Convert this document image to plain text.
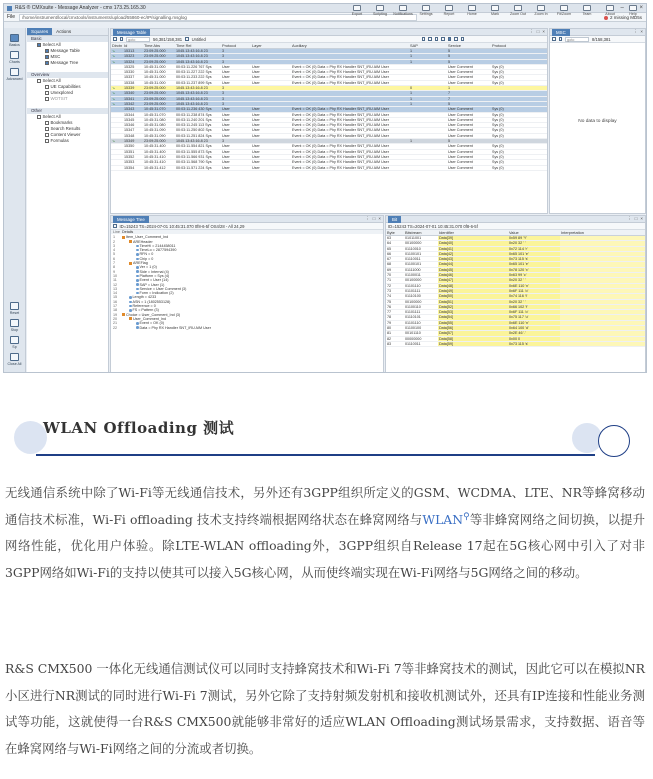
R&S ® CMXsuite - Message Analyzer - cmx 173.25.165.30	–	×
File	/home/instrument/local/cmxtools/instruments/upload/55860-ec/IP/signalling.msglog
Export	Scripting Notifications Settings	Report	Home	Mark	Zoom Out Zoom In	Fit/Zoom	Team	About	Help
2 missing MD5s
Basics
Charts
Advanced
Reset
Stop
Sp
Close All
Squares Actions
Basic
Select All
Message Table
MSC
Message Tree
Overview
Select All
UE Capabilities
Unexplored
WOTSIT
Other
Select All
Bookmarks
Search Results
Content Viewer
Formulas
Message Table	⋮ □ ×
goto	56,381/158,381 Untitled
Dirctn	Id	Time Abs	Time Rel	Protocol	Layer	Auxiliary	SAP	Service	Protocol
↘	15313	23:09:25.000	1045.13:43:16.8 23	3			1	5	
↘	15323	23:09:25.000	1045.13:43:16.8 23	3			1	5	
↘	15324	23:09:25.000	1045.13:43:16.8 23	3			1	5	
	15325	10:45:31.000	00:03:11.226 767 Sys	User	User	Event = OK (0) Data = Phy RX Handler SNT_IRU AIM User		User Comment	Sys (0)
	15330	10:45:31.000	00:03:11.227 222 Sys	User	User	Event = OK (0) Data = Phy RX Handler SNT_IRU AIM User		User Comment	Sys (0)
	15337	10:45:31.000	00:03:11.233 222 Sys	User	User	Event = OK (0) Data = Phy RX Handler SNT_IRU AIM User		User Comment	Sys (0)
	15338	10:45:31.000	00:03:11.237 899 Sys	User	User	Event = OK (0) Data = Phy RX Handler SNT_IRU AIM User		User Comment	Sys (0)
↘	15339	23:09:25.000	1045.13:43:16.8 23	3			0	1	
↘	15340	23:09:25.000	1045.13:43:16.8 23	3			1	7	
↘	15341	23:09:25.000	1045.13:43:16.8 23	3			1	7	
↘	15342	23:09:25.000	1045.13:43:16.8 23	3			1	5	
	15343	10:45:31.070	00:03:11.236 430 Sys	User	User	Event = OK (0) Data = Phy RX Handler SNT_IRU AIM User		User Comment	Sys (0)
	15344	10:45:31.070	00:03:11.238 874 Sys	User	User	Event = OK (0) Data = Phy RX Handler SNT_IRU AIM User		User Comment	Sys (0)
	15345	10:45:31.080	00:03:11.240 201 Sys	User	User	Event = OK (0) Data = Phy RX Handler SNT_IRU AIM User		User Comment	Sys (0)
	15346	10:45:31.080	00:03:11.245 113 Sys	User	User	Event = OK (0) Data = Phy RX Handler SNT_IRU AIM User		User Comment	Sys (0)
	15347	10:45:31.090	00:03:11.250 802 Sys	User	User	Event = OK (0) Data = Phy RX Handler SNT_IRU AIM User		User Comment	Sys (0)
	15348	10:45:31.090	00:03:11.251 824 Sys	User	User	Event = OK (0) Data = Phy RX Handler SNT_IRU AIM User		User Comment	Sys (0)
↘	15349	23:09:25.000	1045.13:43:16.8 23	3			1	5	
	15350	10:45:31.400	00:03:11.554 821 Sys	User	User	Event = OK (0) Data = Phy RX Handler SNT_IRU AIM User		User Comment	Sys (0)
	15351	10:45:31.400	00:03:11.555 873 Sys	User	User	Event = OK (0) Data = Phy RX Handler SNT_IRU AIM User		User Comment	Sys (0)
	15352	10:45:31.410	00:03:11.566 931 Sys	User	User	Event = OK (0) Data = Phy RX Handler SNT_IRU AIM User		User Comment	Sys (0)
	15353	10:45:31.410	00:03:11.568 790 Sys	User	User	Event = OK (0) Data = Phy RX Handler SNT_IRU AIM User		User Comment	Sys (0)
	15354	10:45:31.412	00:03:11.571 224 Sys	User	User	Event = OK (0) Data = Phy RX Handler SNT_IRU AIM User		User Comment	Sys (0)
MSC	⋮ ×
goto	8/158,381
No data to display
Message Tree	⋮ □ ×
ID=15243 TS=2024-07-01 10:45:31.070 0f8-6-5f OS4/28 - All 24,29
Line Details
1	Item_User_Comment_Ind
2	AREHeader
3	TimeHi = 2144458011
4	TimeLo = 2877594390
5	RFN = 0
6	Chip = 0
7	AREFlag
8	Ver = 1 (0)
9	Side = Internal (4)
10	Platform = Sys (4)
11	Event = User (14)
12	SAP = User (1)
13	Service = User Comment (3)
14	Form = Indication (2)
15	Length = 4233
16	ASN = 1 (1802553128)
17	Reference = 0
18	FS = Pattern (3)
19	Choice = User_Comment_Ind (3)
20	User_Comment_Ind
21	Event = OK (0)
22	Data = Phy RX Handler SNT_IRU AIM User
Bit	⋮ □ ×
ID=15243 TS=2024-07-01 10:45:31.070 0f8-6-5f
Byte	Bitstream	Identifier	Value	Interpretation
63	01011001	Data[39]	0x59 89 'Y'	
64	00100000	Data[40]	0x20 32 ' '	
65	01110010	Data[41]	0x72 114 'r'	
66	01100101	Data[42]	0x65 101 'e'	
67	01110011	Data[43]	0x73 115 's'	
68	01100101	Data[44]	0x65 101 'e'	
69	01111000	Data[45]	0x78 120 'x'	
70	01100011	Data[46]	0x63 99 'c'	
71	00100000	Data[47]	0x20 32 ' '	
72	01101110	Data[48]	0x6E 110 'n'	
73	01101111	Data[49]	0x6F 111 'o'	
74	01110100	Data[50]	0x74 116 't'	
75	00100000	Data[51]	0x20 32 ' '	
76	01100110	Data[52]	0x66 102 'f'	
77	01101111	Data[53]	0x6F 111 'o'	
78	01110101	Data[54]	0x75 117 'u'	
79	01101110	Data[55]	0x6E 110 'n'	
80	01100100	Data[56]	0x64 100 'd'	
81	00101110	Data[57]	0x2E 46 '.'	
82	00000000	Data[58]	0x00 0	
83	01110011	Data[59]	0x73 115 's'	
WLAN Offloading 测试

无线通信系统中除了Wi-Fi等无线通信技术，另外还有3GPP组织所定义的GSM、WCDMA、LTE、NR等蜂窝移动通信技术标准，Wi-Fi offloading 技术支持终端根据网络状态在蜂窝网络与WLAN⚲等非蜂窝网络之间切换，以提升网络性能，优化用户体验。除LTE-WLAN offloading外，3GPP组织自Release 17起在5G核心网中引入了对非3GPP网络如Wi-Fi的支持以使其可以接入5G核心网，从而使终端实现在Wi-Fi网络与5G网络之间的移动。

R&S CMX500 一体化无线通信测试仪可以同时支持蜂窝技术和Wi-Fi 7等非蜂窝技术的测试，因此它可以在模拟NR小区进行NR测试的同时进行Wi-Fi 7测试，另外它除了支持射频发射机和接收机测试外，还具有IP连接和性能业务测试等功能，这就使得一台R&S CMX500就能够非常好的适应WLAN Offloading测试场景需求，支持数据、语音等在蜂窝网络与Wi-Fi网络之间的分流或者切换。
